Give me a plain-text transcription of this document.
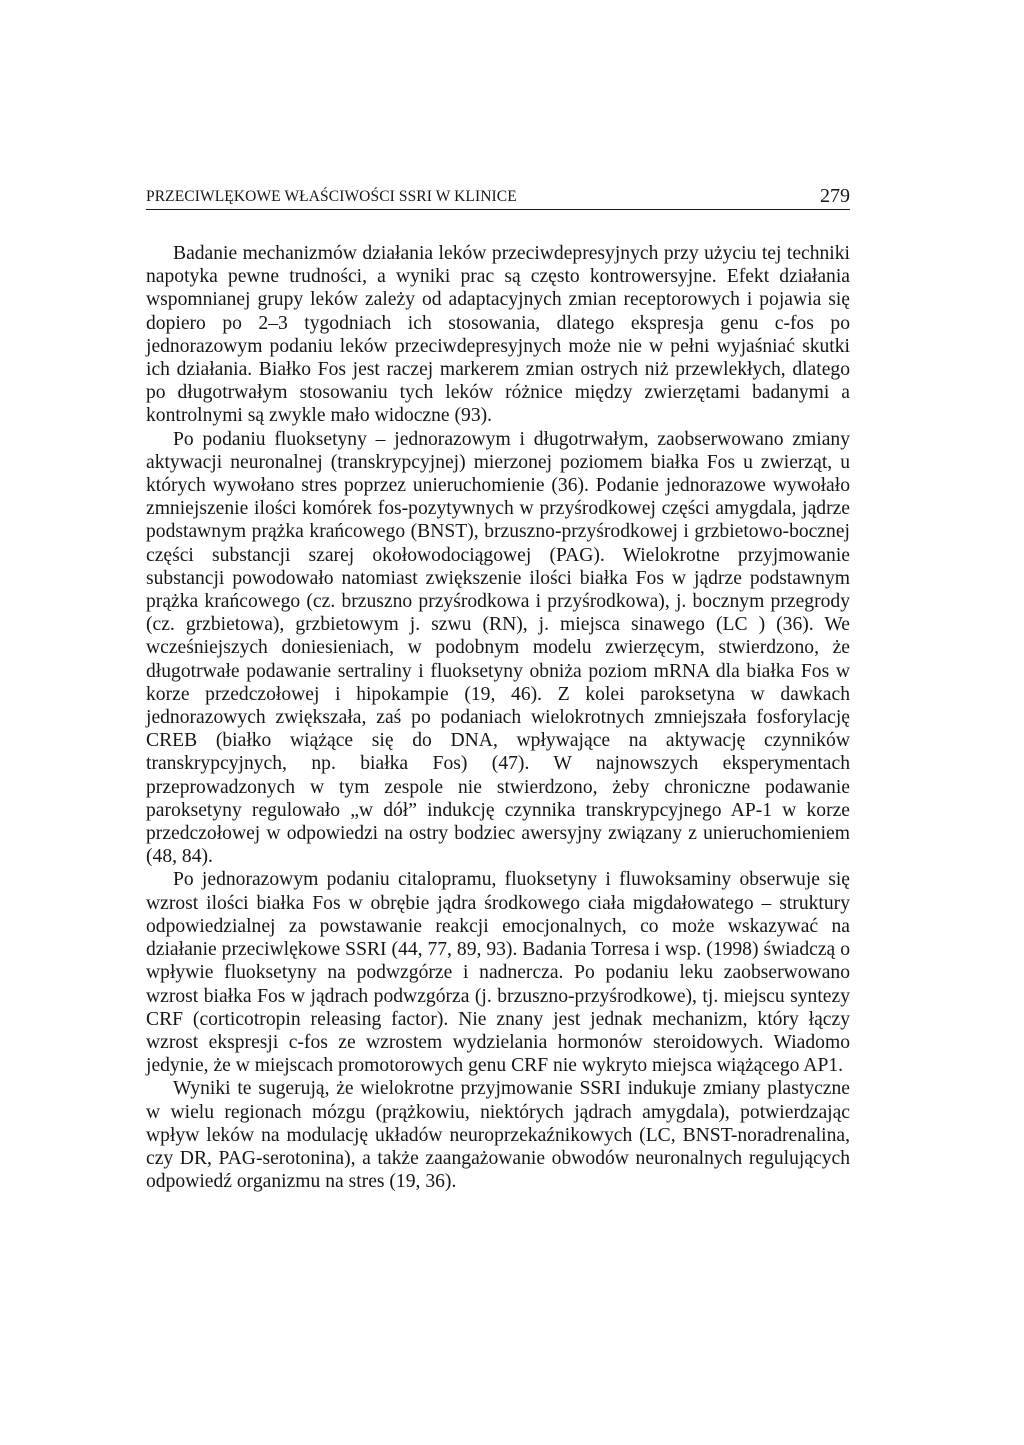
PRZECIWLĘKOWE WŁAŚCIWOŚCI SSRI W KLINICE	279

Badanie mechanizmów działania leków przeciwdepresyjnych przy użyciu tej techniki napotyka pewne trudności, a wyniki prac są często kontrowersyjne. Efekt działania wspomnianej grupy leków zależy od adaptacyjnych zmian receptorowych i pojawia się dopiero po 2–3 tygodniach ich stosowania, dlatego ekspresja genu c-fos po jednorazowym podaniu leków przeciwdepresyjnych może nie w pełni wyjaśniać skutki ich działania. Białko Fos jest raczej markerem zmian ostrych niż przewlekłych, dlatego po długotrwałym stosowaniu tych leków różnice między zwierzętami badanymi a kontrolnymi są zwykle mało widoczne (93).

Po podaniu fluoksetyny – jednorazowym i długotrwałym, zaobserwowano zmiany aktywacji neuronalnej (transkrypcyjnej) mierzonej poziomem białka Fos u zwierząt, u których wywołano stres poprzez unieruchomienie (36). Podanie jednorazowe wywołało zmniejszenie ilości komórek fos-pozytywnych w przyśrodkowej części amygdala, jądrze podstawnym prążka krańcowego (BNST), brzuszno-przyśrodkowej i grzbietowo-bocznej części substancji szarej okołowodociągowej (PAG). Wielokrotne przyjmowanie substancji powodowało natomiast zwiększenie ilości białka Fos w jądrze podstawnym prążka krańcowego (cz. brzuszno przyśrodkowa i przyśrodkowa), j. bocznym przegrody (cz. grzbietowa), grzbietowym j. szwu (RN), j. miejsca sinawego (LC ) (36). We wcześniejszych doniesieniach, w podobnym modelu zwierzęcym, stwierdzono, że długotrwałe podawanie sertraliny i fluoksetyny obniża poziom mRNA dla białka Fos w korze przedczołowej i hipokampie (19, 46). Z kolei paroksetyna w dawkach jednorazowych zwiększała, zaś po podaniach wielokrotnych zmniejszała fosforylację CREB (białko wiążące się do DNA, wpływające na aktywację czynników transkrypcyjnych, np. białka Fos) (47). W najnowszych eksperymentach przeprowadzonych w tym zespole nie stwierdzono, żeby chroniczne podawanie paroksetyny regulowało „w dół” indukcję czynnika transkrypcyjnego AP-1 w korze przedczołowej w odpowiedzi na ostry bodziec awersyjny związany z unieruchomieniem (48, 84).

Po jednorazowym podaniu citalopramu, fluoksetyny i fluwoksaminy obserwuje się wzrost ilości białka Fos w obrębie jądra środkowego ciała migdałowatego – struktury odpowiedzialnej za powstawanie reakcji emocjonalnych, co może wskazywać na działanie przeciwlękowe SSRI (44, 77, 89, 93). Badania Torresa i wsp. (1998) świadczą o wpływie fluoksetyny na podwzgórze i nadnercza. Po podaniu leku zaobserwowano wzrost białka Fos w jądrach podwzgórza (j. brzuszno-przyśrodkowe), tj. miejscu syntezy CRF (corticotropin releasing factor). Nie znany jest jednak mechanizm, który łączy wzrost ekspresji c-fos ze wzrostem wydzielania hormonów steroidowych. Wiadomo jedynie, że w miejscach promotorowych genu CRF nie wykryto miejsca wiążącego AP1.

Wyniki te sugerują, że wielokrotne przyjmowanie SSRI indukuje zmiany plastyczne w wielu regionach mózgu (prążkowiu, niektórych jądrach amygdala), potwierdzając wpływ leków na modulację układów neuroprzekaźnikowych (LC, BNST-noradrenalina, czy DR, PAG-serotonina), a także zaangażowanie obwodów neuronalnych regulujących odpowiedź organizmu na stres (19, 36).
